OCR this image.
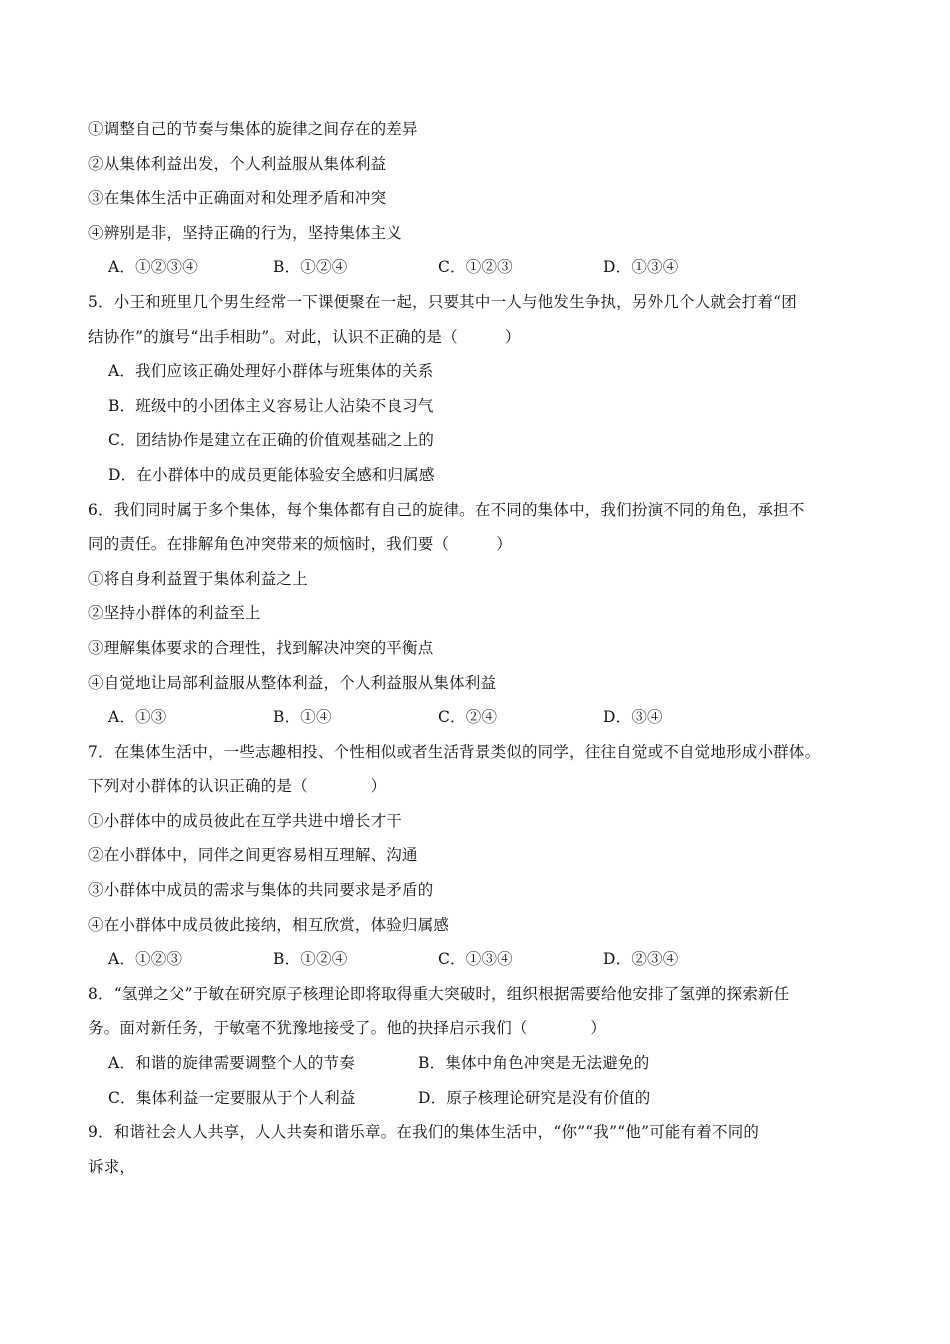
①调整自己的节奏与集体的旋律之间存在的差异
②从集体利益出发，个人利益服从集体利益
③在集体生活中正确面对和处理矛盾和冲突
④辨别是非，坚持正确的行为，坚持集体主义
A．①②③④	B．①②④	C．①②③	D．①③④
5．小王和班里几个男生经常一下课便聚在一起，只要其中一人与他发生争执，另外几个人就会打着“团
结协作”的旗号“出手相助”。对此，认识不正确的是（　　　）
A．我们应该正确处理好小群体与班集体的关系
B．班级中的小团体主义容易让人沾染不良习气
C．团结协作是建立在正确的价值观基础之上的
D．在小群体中的成员更能体验安全感和归属感
6．我们同时属于多个集体，每个集体都有自己的旋律。在不同的集体中，我们扮演不同的角色，承担不
同的责任。在排解角色冲突带来的烦恼时，我们要（　　　）
①将自身利益置于集体利益之上
②坚持小群体的利益至上
③理解集体要求的合理性，找到解决冲突的平衡点
④自觉地让局部利益服从整体利益，个人利益服从集体利益
A．①③	B．①④	C．②④	D．③④
7．在集体生活中，一些志趣相投、个性相似或者生活背景类似的同学，往往自觉或不自觉地形成小群体。
下列对小群体的认识正确的是（　　　　）
①小群体中的成员彼此在互学共进中增长才干
②在小群体中，同伴之间更容易相互理解、沟通
③小群体中成员的需求与集体的共同要求是矛盾的
④在小群体中成员彼此接纳，相互欣赏，体验归属感
A．①②③	B．①②④	C．①③④	D．②③④
8．“氢弹之父”于敏在研究原子核理论即将取得重大突破时，组织根据需要给他安排了氢弹的探索新任
务。面对新任务，于敏毫不犹豫地接受了。他的抉择启示我们（　　　　）
A．和谐的旋律需要调整个人的节奏	B．集体中角色冲突是无法避免的
C．集体利益一定要服从于个人利益	D．原子核理论研究是没有价值的
9．和谐社会人人共享，人人共奏和谐乐章。在我们的集体生活中，“你”“我”“他”可能有着不同的
诉求，
